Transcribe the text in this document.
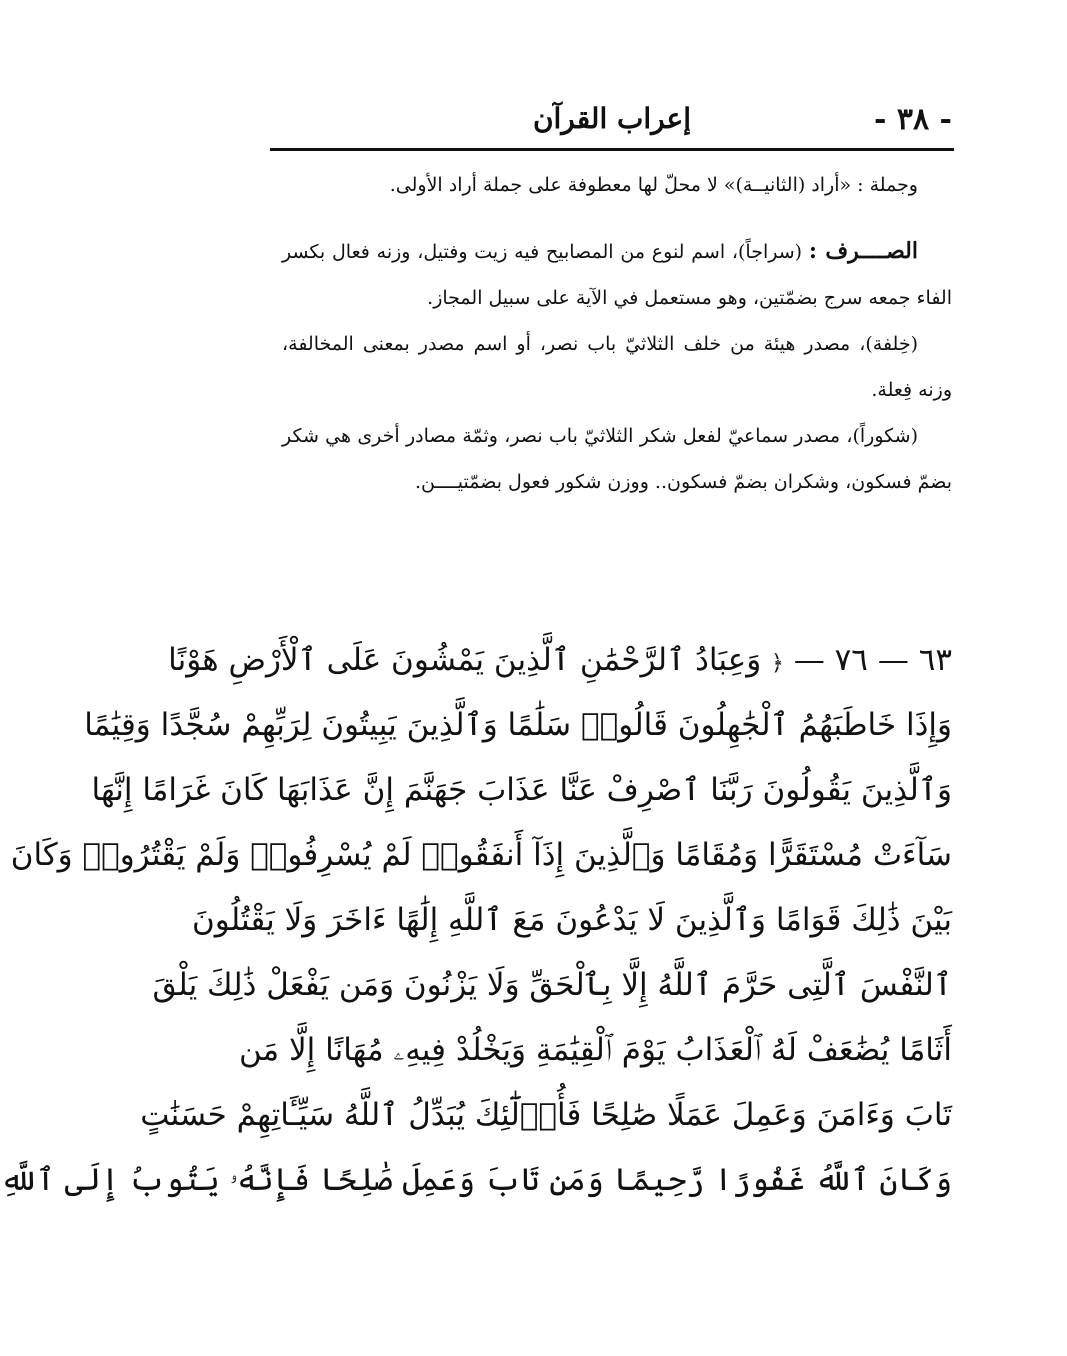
- ٣٨ -
إعراب القرآن

وجملة : «أراد (الثانيــة)» لا محلّ لها معطوفة على جملة أراد الأولى.

الصــــرف : (سراجاً)، اسم لنوع من المصابيح فيه زيت وفتيل، وزنه فعال بكسر الفاء جمعه سرج بضمّتين، وهو مستعمل في الآية على سبيل المجاز.

(خِلفة)، مصدر هيئة من خلف الثلاثيّ باب نصر، أو اسم مصدر بمعنى المخالفة، وزنه فِعلة.

(شكوراً)، مصدر سماعيّ لفعل شكر الثلاثيّ باب نصر، وثمّة مصادر أخرى هي شكر بضمّ فسكون، وشكران بضمّ فسكون.. ووزن شكور فعول بضمّتيــــن.

٦٣ — ٧٦ — ﴿ وَعِبَادُ ٱلرَّحْمَٰنِ ٱلَّذِينَ يَمْشُونَ عَلَى ٱلْأَرْضِ هَوْنًا
وَإِذَا خَاطَبَهُمُ ٱلْجَٰهِلُونَ قَالُوا۟ سَلَٰمًا وَٱلَّذِينَ يَبِيتُونَ لِرَبِّهِمْ سُجَّدًا وَقِيَٰمًا
وَٱلَّذِينَ يَقُولُونَ رَبَّنَا ٱصْرِفْ عَنَّا عَذَابَ جَهَنَّمَ إِنَّ عَذَابَهَا كَانَ غَرَامًا إِنَّهَا
سَآءَتْ مُسْتَقَرًّا وَمُقَامًا وَٱلَّذِينَ إِذَآ أَنفَقُوا۟ لَمْ يُسْرِفُوا۟ وَلَمْ يَقْتُرُوا۟ وَكَانَ
بَيْنَ ذَٰلِكَ قَوَامًا وَٱلَّذِينَ لَا يَدْعُونَ مَعَ ٱللَّهِ إِلَٰهًا ءَاخَرَ وَلَا يَقْتُلُونَ
ٱلنَّفْسَ ٱلَّتِى حَرَّمَ ٱللَّهُ إِلَّا بِٱلْحَقِّ وَلَا يَزْنُونَ وَمَن يَفْعَلْ ذَٰلِكَ يَلْقَ
أَثَامًا يُضَٰعَفْ لَهُ ٱلْعَذَابُ يَوْمَ ٱلْقِيَٰمَةِ وَيَخْلُدْ فِيهِۦ مُهَانًا إِلَّا مَن
تَابَ وَءَامَنَ وَعَمِلَ عَمَلًا صَٰلِحًا فَأُو۟لَٰٓئِكَ يُبَدِّلُ ٱللَّهُ سَيِّـَٔاتِهِمْ حَسَنَٰتٍ
وَكَانَ ٱللَّهُ غَفُورًا رَّحِيمًا وَمَن تَابَ وَعَمِلَ صَٰلِحًا فَإِنَّهُۥ يَتُوبُ إِلَى ٱللَّهِ
